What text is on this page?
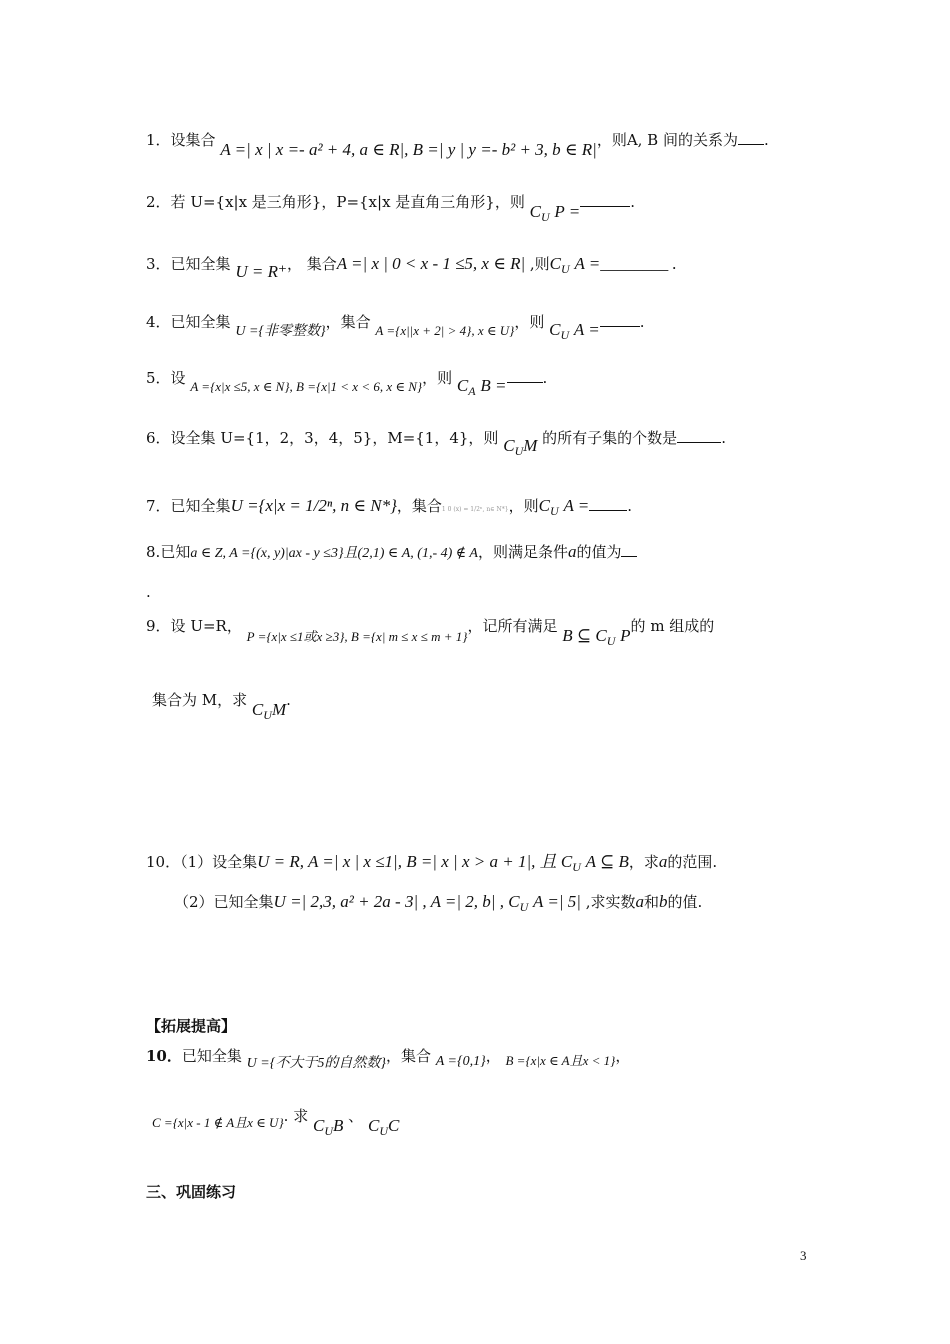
1．设集合 A =| x | x =- a² + 4, a ∈ R|, B =| y | y =- b² + 3, b ∈ R|，则A, B 间的关系为 .
2．若 U={x|x 是三角形}，P={x|x 是直角三角形}，则 $C_U$ P =	.
3．已知全集 U = R⁺， 集合A =| x | 0 < x - 1 ≤5, x ∈ R| ,则$C_U$ A =________ .
4．已知全集 U ={非零整数}，集合 A ={x||x + 2| > 4}, x ∈ U}，则 $C_U$ A =	.
5．设 A ={x|x ≤5, x ∈ N}, B ={x|1 < x < 6, x ∈ N}，则 $C_A$ B = .
6．设全集 U={1，2，3，4，5}，M={1，4}，则 $C_UM$ 的所有子集的个数是	.
7．已知全集U ={x|x = 1/2ⁿ, n ∈ N*}，集合1 0 (x) = 1/2ⁿ, n∈ N*}，则$C_U$ A =	.
8.已知a ∈ Z, A ={(x, y)|ax - y ≤3}且(2,1) ∈ A, (1,- 4) ∉ A，则满足条件a的值为
.
9．设 U=R， P ={x|x ≤1或x ≥3}, B ={x| m ≤ x ≤ m + 1}，记所有满足 B ⊆ $C_U$ P的 m 组成的
集合为 M，求 $C_UM$.
10．（1）设全集U = R, A =| x | x ≤1|, B =| x | x > a + 1|, 且 $C_U$ A ⊆ B，求a的范围.
（2）已知全集U =| 2,3, a² + 2a - 3| , A =| 2, b| , $C_U$ A =| 5| ,求实数a和b的值.
【拓展提高】
10．已知全集 U ={不大于5的自然数}，集合 A ={0,1}， B ={x|x ∈ A且x < 1}，
C ={x|x - 1 ∉ A且x ∈ U}. 求 $C_UB$ 、 $C_UC$
三、巩固练习
3
